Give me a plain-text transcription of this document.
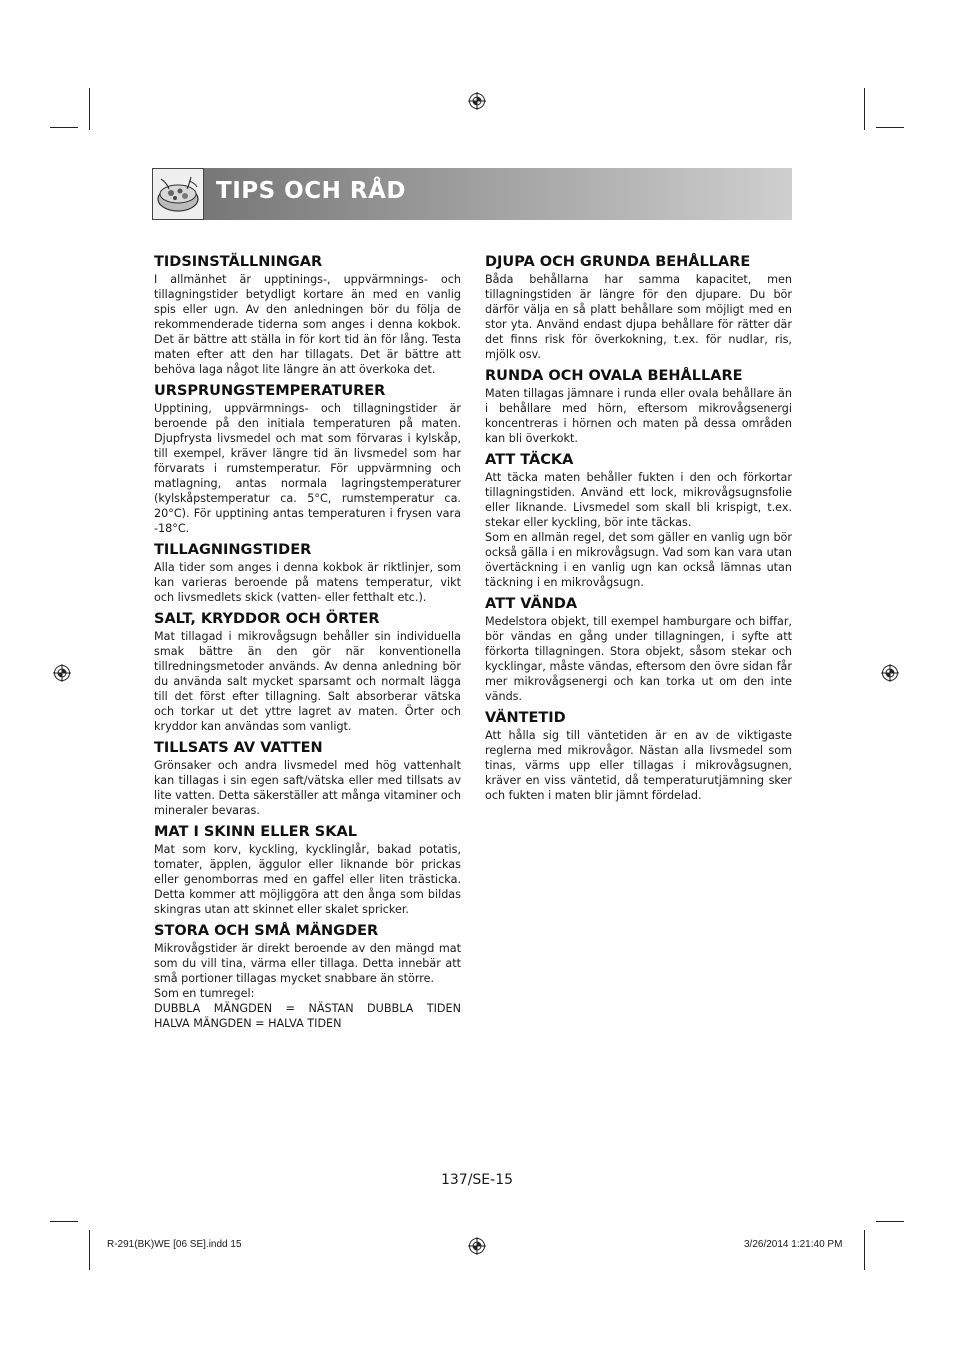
TIPS OCH RÅD
TIDSINSTÄLLNINGAR

I allmänhet är upptinings-, uppvärmnings- och tillagningstider betydligt kortare än med en vanlig spis eller ugn. Av den anledningen bör du följa de rekommenderade tiderna som anges i denna kokbok. Det är bättre att ställa in för kort tid än för lång. Testa maten efter att den har tillagats. Det är bättre att behöva laga något lite längre än att överkoka det.

URSPRUNGSTEMPERATURER

Upptining, uppvärmnings- och tillagningstider är beroende på den initiala temperaturen på maten. Djupfrysta livsmedel och mat som förvaras i kylskåp, till exempel, kräver längre tid än livsmedel som har förvarats i rumstemperatur. För uppvärmning och matlagning, antas normala lagringstemperaturer (kylskåpstemperatur ca. 5°C, rumstemperatur ca. 20°C). För upptining antas temperaturen i frysen vara -18°C.

TILLAGNINGSTIDER

Alla tider som anges i denna kokbok är riktlinjer, som kan varieras beroende på matens temperatur, vikt och livsmedlets skick (vatten- eller fetthalt etc.).

SALT, KRYDDOR OCH ÖRTER

Mat tillagad i mikrovågsugn behåller sin individuella smak bättre än den gör när konventionella tillredningsmetoder används. Av denna anledning bör du använda salt mycket sparsamt och normalt lägga till det först efter tillagning. Salt absorberar vätska och torkar ut det yttre lagret av maten. Örter och kryddor kan användas som vanligt.

TILLSATS AV VATTEN

Grönsaker och andra livsmedel med hög vattenhalt kan tillagas i sin egen saft/vätska eller med tillsats av lite vatten. Detta säkerställer att många vitaminer och mineraler bevaras.

MAT I SKINN ELLER SKAL

Mat som korv, kyckling, kycklinglår, bakad potatis, tomater, äpplen, äggulor eller liknande bör prickas eller genomborras med en gaffel eller liten trästicka. Detta kommer att möjliggöra att den ånga som bildas skingras utan att skinnet eller skalet spricker.

STORA OCH SMÅ MÄNGDER

Mikrovågstider är direkt beroende av den mängd mat som du vill tina, värma eller tillaga. Detta innebär att små portioner tillagas mycket snabbare än större.

Som en tumregel:

DUBBLA MÄNGDEN = NÄSTAN DUBBLA TIDEN

HALVA MÄNGDEN = HALVA TIDEN

DJUPA OCH GRUNDA BEHÅLLARE

Båda behållarna har samma kapacitet, men tillagningstiden är längre för den djupare. Du bör därför välja en så platt behållare som möjligt med en stor yta. Använd endast djupa behållare för rätter där det finns risk för överkokning, t.ex. för nudlar, ris, mjölk osv.

RUNDA OCH OVALA BEHÅLLARE

Maten tillagas jämnare i runda eller ovala behållare än i behållare med hörn, eftersom mikrovågsenergi koncentreras i hörnen och maten på dessa områden kan bli överkokt.

ATT TÄCKA

Att täcka maten behåller fukten i den och förkortar tillagningstiden. Använd ett lock, mikrovågsugnsfolie eller liknande. Livsmedel som skall bli krispigt, t.ex. stekar eller kyckling, bör inte täckas.

Som en allmän regel, det som gäller en vanlig ugn bör också gälla i en mikrovågsugn. Vad som kan vara utan övertäckning i en vanlig ugn kan också lämnas utan täckning i en mikrovågsugn.

ATT VÄNDA

Medelstora objekt, till exempel hamburgare och biffar, bör vändas en gång under tillagningen, i syfte att förkorta tillagningen. Stora objekt, såsom stekar och kycklingar, måste vändas, eftersom den övre sidan får mer mikrovågsenergi och kan torka ut om den inte vänds.

VÄNTETID

Att hålla sig till väntetiden är en av de viktigaste reglerna med mikrovågor. Nästan alla livsmedel som tinas, värms upp eller tillagas i mikrovågsugnen, kräver en viss väntetid, då temperaturutjämning sker och fukten i maten blir jämnt fördelad.

137/SE-15
R-291(BK)WE [06 SE].indd 15	3/26/2014 1:21:40 PM
